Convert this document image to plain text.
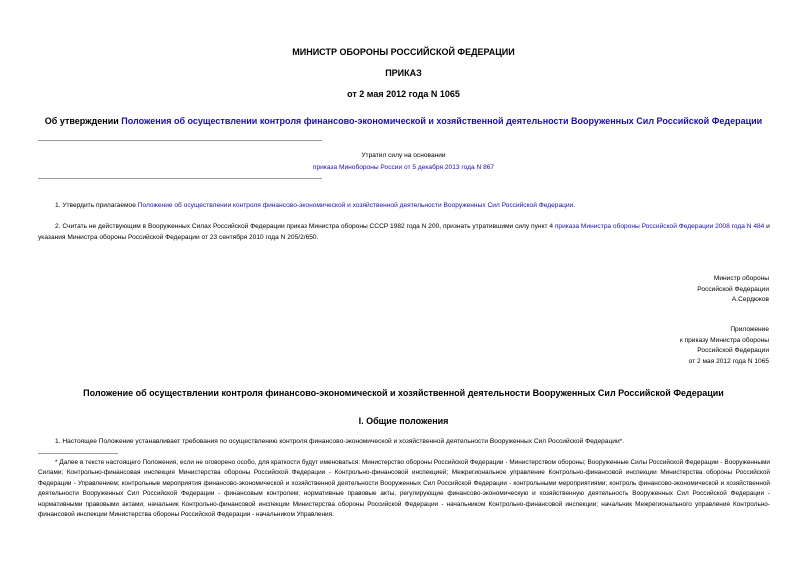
МИНИСТР ОБОРОНЫ РОССИЙСКОЙ ФЕДЕРАЦИИ
ПРИКАЗ
от 2 мая 2012 года N 1065
Об утверждении Положения об осуществлении контроля финансово-экономической и хозяйственной деятельности Вооруженных Сил Российской Федерации
Утратил силу на основании
приказа Минобороны России от 5 декабря 2013 года N 867
1. Утвердить прилагаемое Положение об осуществлении контроля финансово-экономической и хозяйственной деятельности Вооруженных Сил Российской Федерации.
2. Считать не действующим в Вооруженных Силах Российской Федерации приказ Министра обороны СССР 1982 года N 200, признать утратившими силу пункт 4 приказа Министра обороны Российской Федерации 2008 года N 484 и указания Министра обороны Российской Федерации от 23 сентября 2010 года N 205/2/650.
Министр обороны
Российской Федерации
А.Сердюков
Приложение
к приказу Министра обороны
Российской Федерации
от 2 мая 2012 года N 1065
Положение об осуществлении контроля финансово-экономической и хозяйственной деятельности Вооруженных Сил Российской Федерации
I. Общие положения
1. Настоящее Положение устанавливает требования по осуществлению контроля финансово-экономической и хозяйственной деятельности Вооруженных Сил Российской Федерации*.
* Далее в тексте настоящего Положения, если не оговорено особо, для краткости будут именоваться: Министерство обороны Российской Федерации - Министерством обороны; Вооруженные Силы Российской Федерации - Вооруженными Силами; Контрольно-финансовая инспекция Министерства обороны Российской Федерации - Контрольно-финансовой инспекцией; Межрегиональное управление Контрольно-финансовой инспекции Министерства обороны Российской Федерации - Управлением; контрольные мероприятия финансово-экономической и хозяйственной деятельности Вооруженных Сил Российской Федерации - контрольными мероприятиями; контроль финансово-экономической и хозяйственной деятельности Вооруженных Сил Российской Федерации - финансовым контролем; нормативные правовые акты, регулирующие финансово-экономическую и хозяйственную деятельность Вооруженных Сил Российской Федерации - нормативными правовыми актами; начальник Контрольно-финансовой инспекции Министерства обороны Российской Федерации - начальником Контрольно-финансовой инспекции; начальник Межрегионального управления Контрольно-финансовой инспекции Министерства обороны Российской Федерации - начальником Управления.
